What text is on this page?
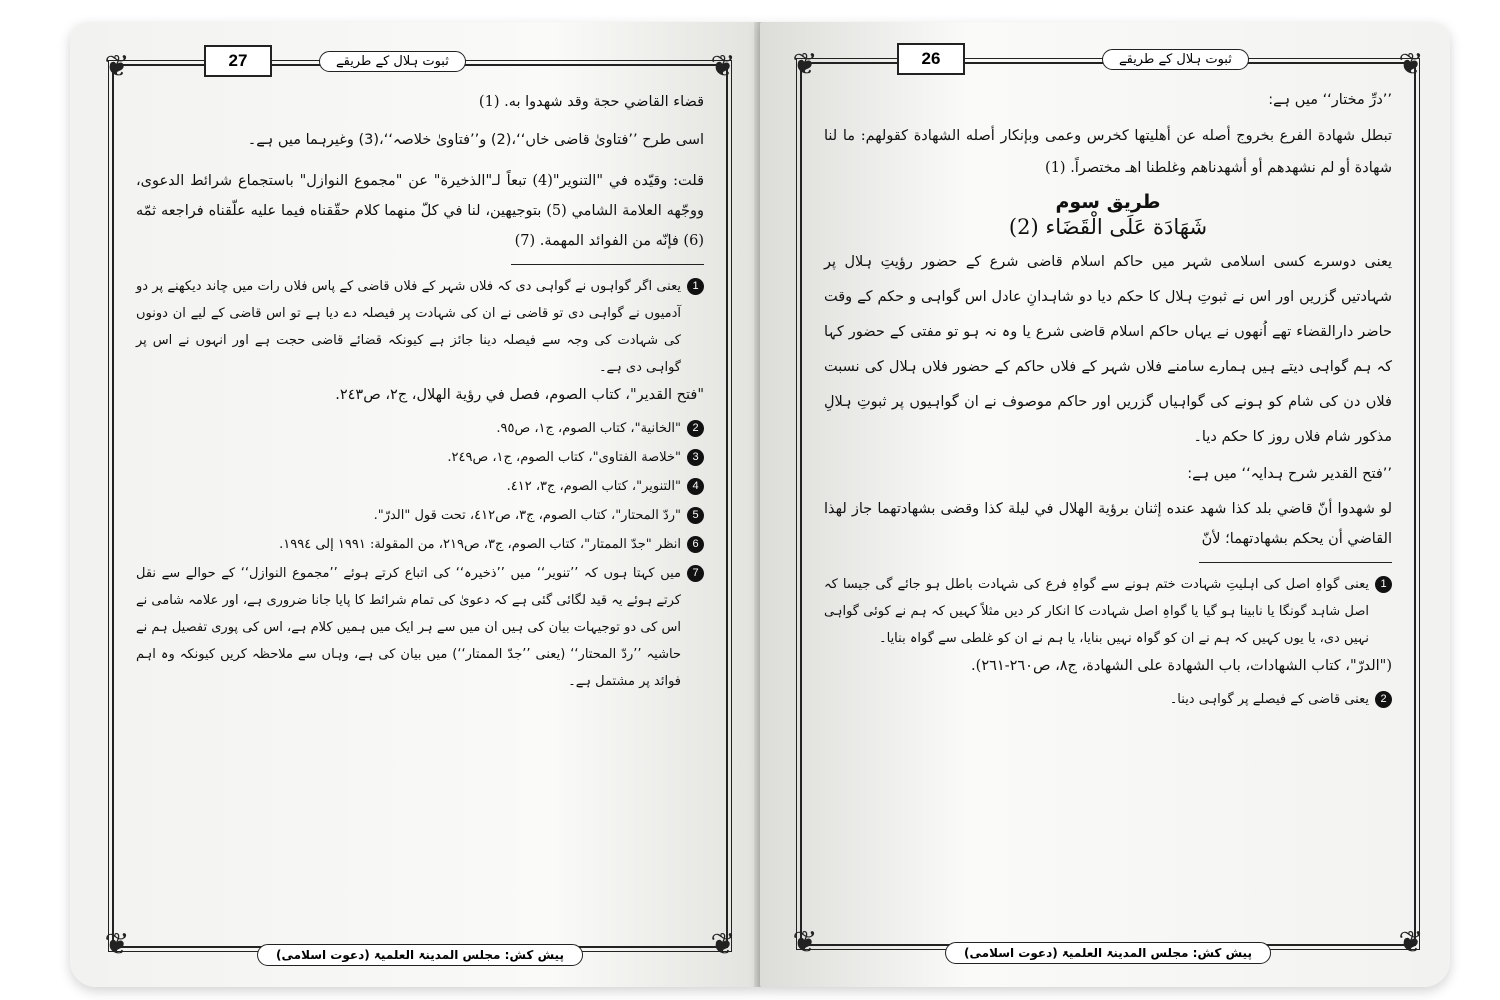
❦	❦
❦	❦
ثبوت ہلال کے طریقے
27

قضاء القاضي حجة وقد شهدوا به. (1)

اسی طرح ’’فتاویٰ قاضی خاں‘‘،(2) و’’فتاویٰ خلاصہ‘‘،(3) وغیرہما میں ہے۔

قلت: وقيّده في "التنوير"(4) تبعاً لـ"الذخيرة" عن "مجموع النوازل" باستجماع شرائط الدعوى، ووجّهه العلامة الشامي (5) بتوجيهين، لنا في كلّ منهما كلام حقّقناه فيما عليه علّقناه فراجعه ثمّه (6) فإنّه من الفوائد المهمة. (7)

1
یعنی اگر گواہوں نے گواہی دی کہ فلاں شہر کے فلاں قاضی کے پاس فلاں رات میں چاند دیکھنے پر دو آدمیوں نے گواہی دی تو قاضی نے ان کی شہادت پر فیصلہ دے دیا ہے تو اس قاضی کے لیے ان دونوں کی شہادت کی وجہ سے فیصلہ دینا جائز ہے کیونکہ قضائے قاضی حجت ہے اور انہوں نے اس پر گواہی دی ہے۔

"فتح القدير"، كتاب الصوم، فصل في رؤية الهلال، ج٢، ص٢٤٣.

2
"الخانية"، كتاب الصوم، ج١، ص٩٥.
3
"خلاصة الفتاوى"، كتاب الصوم، ج١، ص٢٤٩.
4
"التنوير"، كتاب الصوم، ج٣، ٤١٢.
5
"ردّ المحتار"، كتاب الصوم، ج٣، ص٤١٢، تحت قول "الدرّ".
6
انظر "جدّ الممتار"، كتاب الصوم، ج٣، ص٢١٩، من المقولة: ١٩٩١ إلى ١٩٩٤.
7
میں کہتا ہوں کہ ’’تنویر‘‘ میں ’’ذخیرہ‘‘ کی اتباع کرتے ہوئے ’’مجموع النوازل‘‘ کے حوالے سے نقل کرتے ہوئے یہ قید لگائی گئی ہے کہ دعویٰ کی تمام شرائط کا پایا جانا ضروری ہے، اور علامہ شامی نے اس کی دو توجیہات بیان کی ہیں ان میں سے ہر ایک میں ہمیں کلام ہے، اس کی پوری تفصیل ہم نے حاشیہ ’’ردّ المحتار‘‘ (یعنی ’’جدّ الممتار‘‘) میں بیان کی ہے، وہاں سے ملاحظہ کریں کیونکہ وہ اہم فوائد پر مشتمل ہے۔
پیش کش: مجلس المدینۃ العلمیۃ (دعوت اسلامی)
❦	❦
❦	❦
26	ثبوت ہلال کے طریقے

’’درِّ مختار‘‘ میں ہے:

تبطل شهادة الفرع بخروج أصله عن أهليتها كخرس وعمى وبإنكار أصله الشهادة كقولهم: ما لنا شهادة أو لم نشهدهم أو أشهدناهم وغلطنا اهـ مختصراً. (1)

طریق سوم
شَهَادَة عَلَى الْقَضَاء (2)

یعنی دوسرے کسی اسلامی شہر میں حاکم اسلام قاضی شرع کے حضور رؤیتِ ہلال پر شہادتیں گزریں اور اس نے ثبوتِ ہلال کا حکم دیا دو شاہدانِ عادل اس گواہی و حکم کے وقت حاضر دارالقضاء تھے اُنھوں نے یہاں حاکم اسلام قاضی شرع یا وہ نہ ہو تو مفتی کے حضور کہا کہ ہم گواہی دیتے ہیں ہمارے سامنے فلاں شہر کے فلاں حاکم کے حضور فلاں ہلال کی نسبت فلاں دن کی شام کو ہونے کی گواہیاں گزریں اور حاکم موصوف نے ان گواہیوں پر ثبوتِ ہلالِ مذکور شام فلاں روز کا حکم دیا۔

’’فتح القدیر شرح ہدایہ‘‘ میں ہے:

لو شهدوا أنّ قاضي بلد كذا شهد عنده إثنان برؤية الهلال في ليلة كذا وقضى بشهادتهما جاز لهذا القاضي أن يحكم بشهادتهما؛ لأنّ

1
یعنی گواہِ اصل کی اہلیتِ شہادت ختم ہونے سے گواہِ فرع کی شہادت باطل ہو جائے گی جیسا کہ اصل شاہد گونگا یا نابینا ہو گیا یا گواہِ اصل شہادت کا انکار کر دیں مثلاً کہیں کہ ہم نے کوئی گواہی نہیں دی، یا یوں کہیں کہ ہم نے ان کو گواہ نہیں بنایا، یا ہم نے ان کو غلطی سے گواہ بنایا۔

("الدرّ"، كتاب الشهادات، باب الشهادة على الشهادة، ج٨، ص٢٦٠-٢٦١).

2
یعنی قاضی کے فیصلے پر گواہی دینا۔
پیش کش: مجلس المدینۃ العلمیۃ (دعوت اسلامی)
